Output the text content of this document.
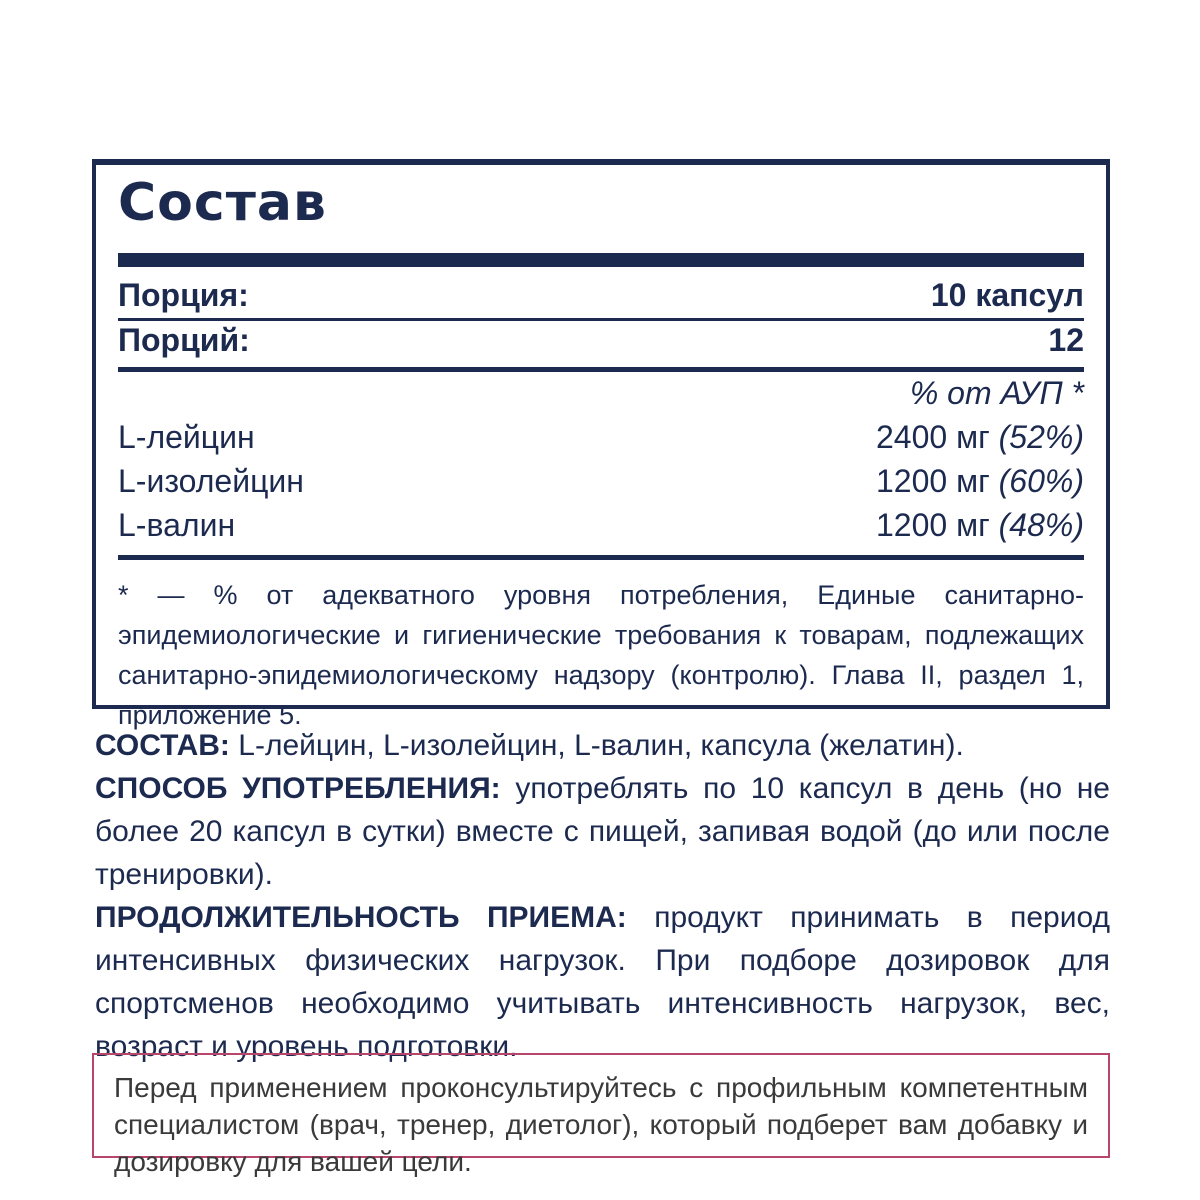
Состав
Порция:	10 капсул
Порций:	12
% от АУП *
L-лейцин	2400 мг (52%)
L-изолейцин	1200 мг (60%)
L-валин	1200 мг (48%)

* — % от адекватного уровня потребления, Единые санитарно-эпидемиологические и гигиенические требования к товарам, подлежащих санитарно-эпидемиологическому надзору (контролю). Глава II, раздел 1, приложение 5.

СОСТАВ: L-лейцин, L-изолейцин, L-валин, капсула (желатин).

СПОСОБ УПОТРЕБЛЕНИЯ: употреблять по 10 капсул в день (но не более 20 капсул в сутки) вместе с пищей, запивая водой (до или после тренировки).

ПРОДОЛЖИТЕЛЬНОСТЬ ПРИЕМА: продукт принимать в период интенсивных физических нагрузок. При подборе дозировок для спортсменов необходимо учитывать интенсивность нагрузок, вес, возраст и уровень подготовки.

Перед применением проконсультируйтесь с профильным компетентным специалистом (врач, тренер, диетолог), который подберет вам добавку и дозировку для вашей цели.
